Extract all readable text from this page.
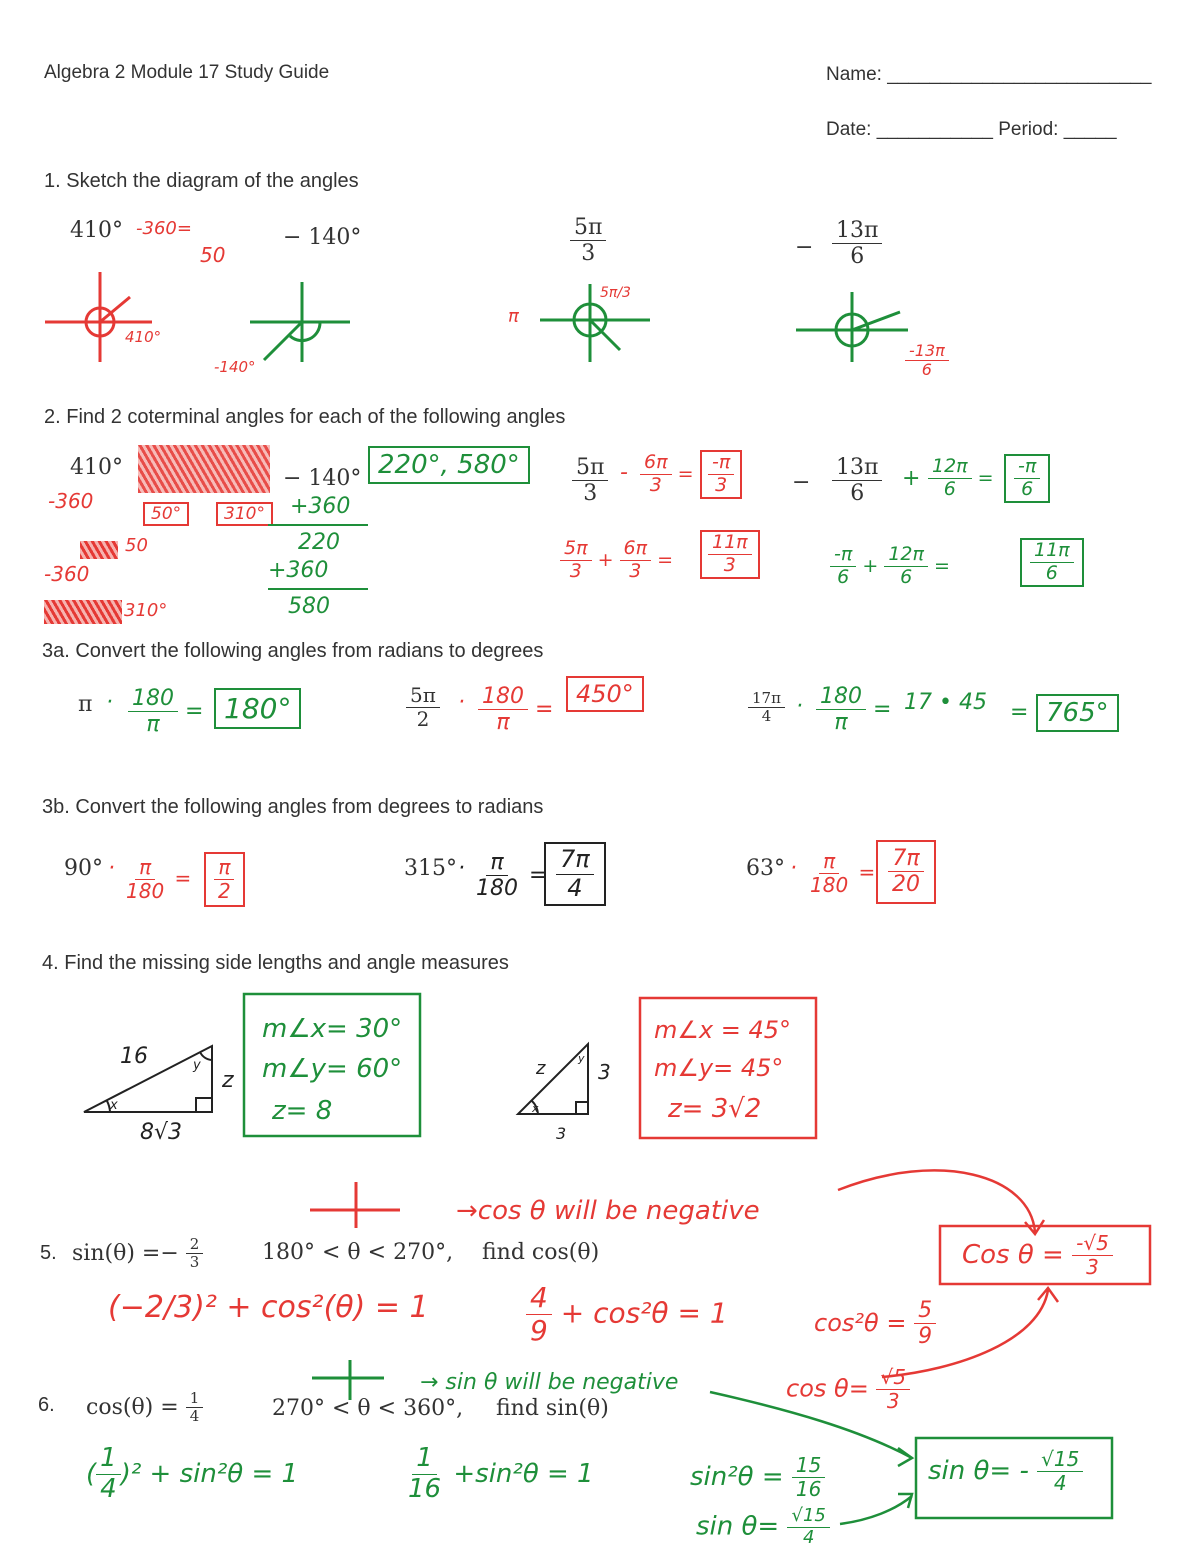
Algebra 2 Module 17 Study Guide	Name: _________________________
Date: ___________ Period: _____
1. Sketch the diagram of the angles
410° -360=
50
− 140°	$\frac{5\pi}{3}$	− $\frac{13\pi}{6}$
410°
-140°
π
5π/3
$\frac{-13\pi}{6}$
2. Find 2 coterminal angles for each of the following angles
410°
-360
50°	310°
50
-360
310°
− 140° 220°, 580°
+360
220
+360
580
$\frac{5\pi}{3} - \frac{6\pi}{3} = \frac{-\pi}{3}$
$\frac{5\pi}{3} + \frac{6\pi}{3} = \frac{11\pi}{3}$
− $\frac{13\pi}{6} + \frac{12\pi}{6} = \frac{-\pi}{6}$
$\frac{-\pi}{6} + \frac{12\pi}{6}$ =	$\frac{11\pi}{6}$
3a. Convert the following angles from radians to degrees
$\pi \cdot \frac{180}{\pi} = 180^\circ$	$\frac{5\pi}{2} \cdot \frac{180}{\pi}$ =
450°	$\frac{17\pi}{4} \cdot \frac{180}{\pi} = 17$ • 45 = 765°
3b. Convert the following angles from degrees to radians
$90^\circ \cdot \frac{\pi}{180} = \frac{\pi}{2}$	$315^\circ \cdot \frac{\pi}{180} = \frac{7\pi}{4}$	$63^\circ \cdot \frac{\pi}{180} = \frac{7\pi}{20}$
4. Find the missing side lengths and angle measures
16
8√3
z
x
y
m∠x= 30°
m∠y= 60°
z= 8
z	3
3
x
y
m∠x = 45°
m∠y= 45°
z= 3√2
→cos θ will be negative
5. $\sin(\theta) =- \frac{2}{3}$	180° < θ < 270°, find cos(θ)
(−2/3)² + cos²(θ) = 1	$\frac{4}{9} + \cos^2\theta = 1$	$\cos^2\theta = \frac{5}{9}$
$\cos \theta= \frac{√5}{3}$
Cos $\theta = \frac{-√5}{3}$
→ sin θ will be negative
6. $\cos(\theta) = \frac{1}{4}$	270° < θ < 360°, find sin(θ)
( $\frac{1}{4} )^2 + \sin^2\theta = 1$	$\frac{1}{16} +\sin^2\theta = 1$	$\sin^2\theta = \frac{15}{16}$
$\sin \theta= \frac{√15}{4}$
$\sin \theta= - \frac{√15}{4}$
